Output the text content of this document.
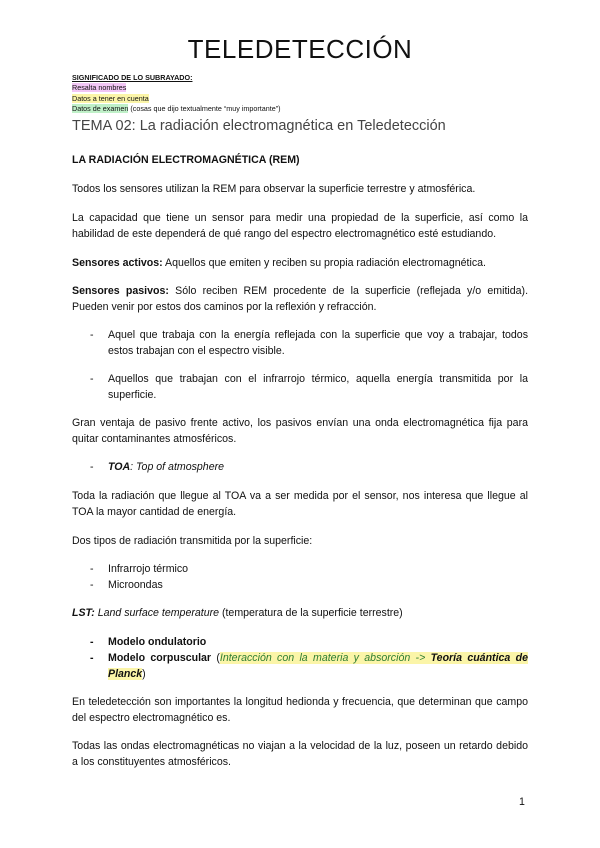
TELEDETECCIÓN
SIGNIFICADO DE LO SUBRAYADO:
Resalta nombres
Datos a tener en cuenta
Datos de examen (cosas que dijo textualmente “muy importante”)
TEMA 02: La radiación electromagnética en Teledetección
LA RADIACIÓN ELECTROMAGNÉTICA (REM)
Todos los sensores utilizan la REM para observar la superficie terrestre y atmosférica.
La capacidad que tiene un sensor para medir una propiedad de la superficie, así como la habilidad de este dependerá de qué rango del espectro electromagnético esté estudiando.
Sensores activos: Aquellos que emiten y reciben su propia radiación electromagnética.
Sensores pasivos: Sólo reciben REM procedente de la superficie (reflejada y/o emitida). Pueden venir por estos dos caminos por la reflexión y refracción.
- Aquel que trabaja con la energía reflejada con la superficie que voy a trabajar, todos estos trabajan con el espectro visible.
- Aquellos que trabajan con el infrarrojo térmico, aquella energía transmitida por la superficie.
Gran ventaja de pasivo frente activo, los pasivos envían una onda electromagnética fija para quitar contaminantes atmosféricos.
- TOA: Top of atmosphere
Toda la radiación que llegue al TOA va a ser medida por el sensor, nos interesa que llegue al TOA la mayor cantidad de energía.
Dos tipos de radiación transmitida por la superficie:
- Infrarrojo térmico
- Microondas
LST: Land surface temperature (temperatura de la superficie terrestre)
- Modelo ondulatorio
- Modelo corpuscular (Interacción con la materia y absorción -> Teoría cuántica de Planck)
En teledetección son importantes la longitud hedionda y frecuencia, que determinan que campo del espectro electromagnético es.
Todas las ondas electromagnéticas no viajan a la velocidad de la luz, poseen un retardo debido a los constituyentes atmosféricos.
1
